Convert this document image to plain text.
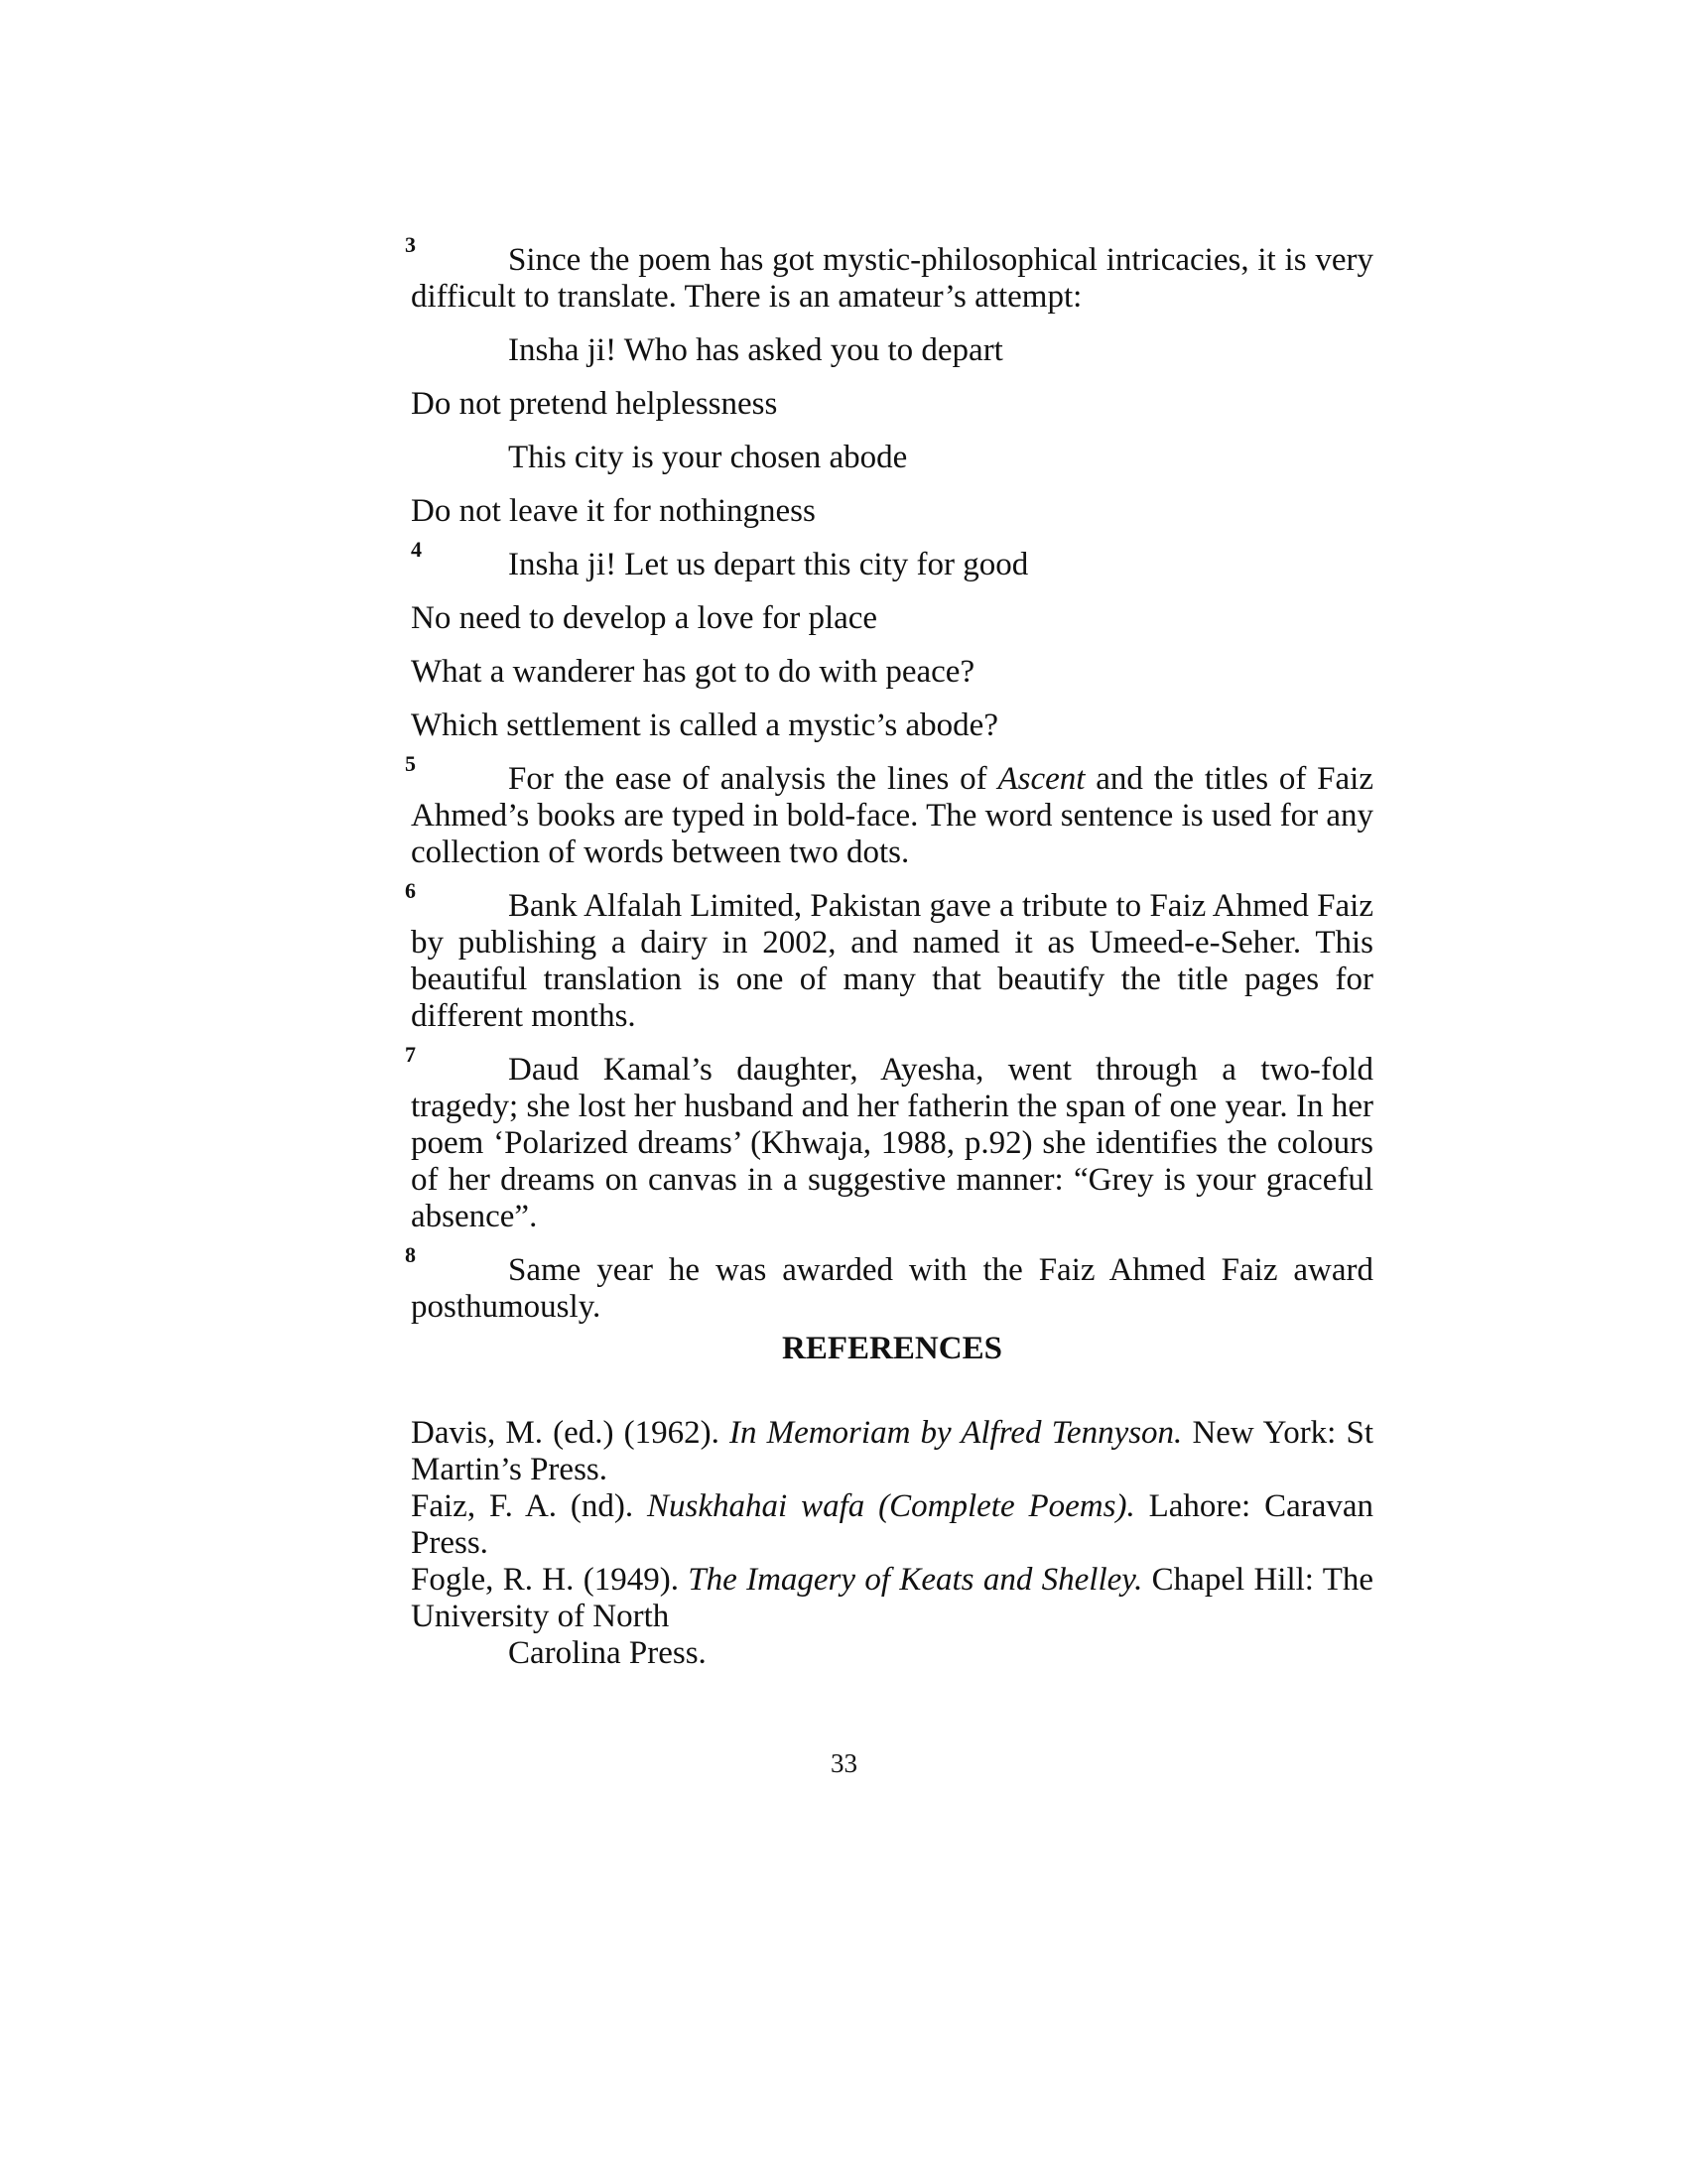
3	Since the poem has got mystic-philosophical intricacies, it is very difficult to translate. There is an amateur’s attempt:
Insha ji! Who has asked you to depart
Do not pretend helplessness
This city is your chosen abode
Do not leave it for nothingness
4	Insha ji! Let us depart this city for good
No need to develop a love for place
What a wanderer has got to do with peace?
Which settlement is called a mystic’s abode?
5	For the ease of analysis the lines of Ascent and the titles of Faiz Ahmed’s books are typed in bold-face. The word sentence is used for any collection of words between two dots.
6	Bank Alfalah Limited, Pakistan gave a tribute to Faiz Ahmed Faiz by publishing a dairy in 2002, and named it as Umeed-e-Seher. This beautiful translation is one of many that beautify the title pages for different months.
7	Daud Kamal’s daughter, Ayesha, went through a two-fold tragedy; she lost her husband and her fatherin the span of one year. In her poem ‘Polarized dreams’ (Khwaja, 1988, p.92) she identifies the colours of her dreams on canvas in a suggestive manner: “Grey is your graceful absence”.
8	Same year he was awarded with the Faiz Ahmed Faiz award posthumously.
REFERENCES

Davis, M. (ed.) (1962). In Memoriam by Alfred Tennyson. New York: St Martin’s Press.

Faiz, F. A. (nd). Nuskhahai wafa (Complete Poems). Lahore: Caravan Press.

Fogle, R. H. (1949). The Imagery of Keats and Shelley. Chapel Hill: The University of North
Carolina Press.

33
